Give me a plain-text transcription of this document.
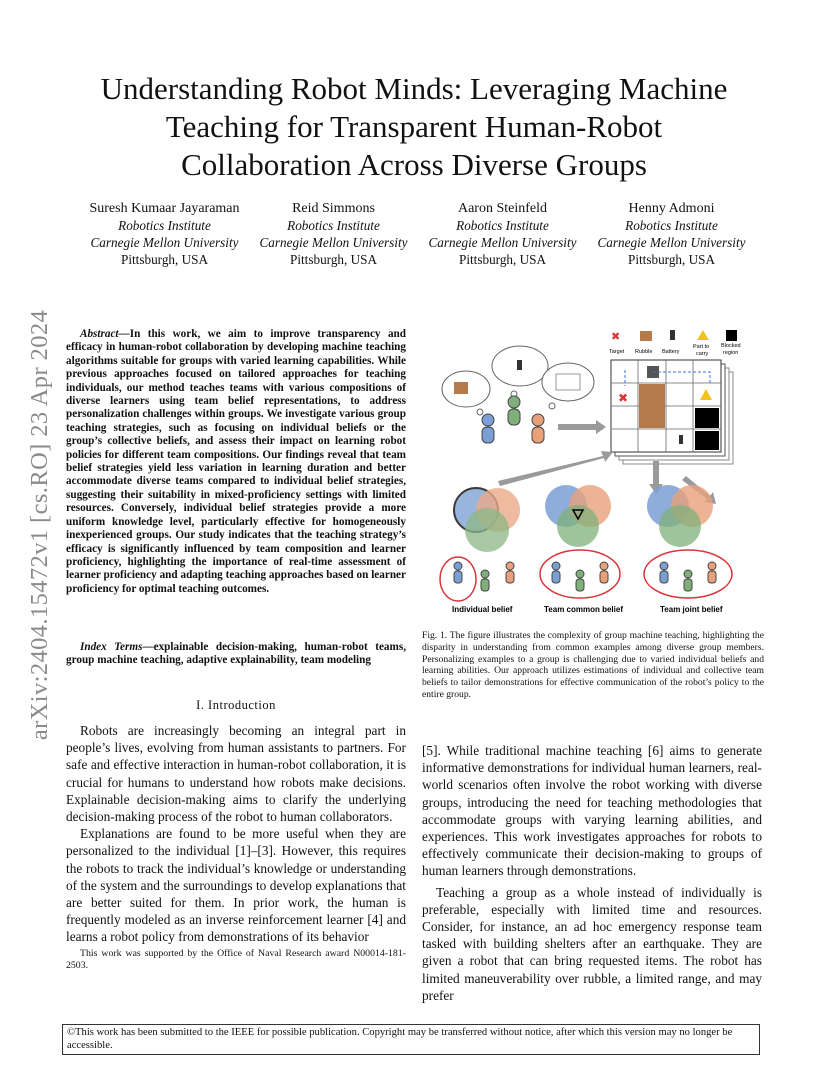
arXiv:2404.15472v1 [cs.RO] 23 Apr 2024
Understanding Robot Minds: Leveraging Machine
Teaching for Transparent Human-Robot
Collaboration Across Diverse Groups
Suresh Kumaar Jayaraman
Robotics Institute
Carnegie Mellon University
Pittsburgh, USA
Reid Simmons
Robotics Institute
Carnegie Mellon University
Pittsburgh, USA
Aaron Steinfeld
Robotics Institute
Carnegie Mellon University
Pittsburgh, USA
Henny Admoni
Robotics Institute
Carnegie Mellon University
Pittsburgh, USA
Abstract—In this work, we aim to improve transparency and efficacy in human-robot collaboration by developing machine teaching algorithms suitable for groups with varied learning capabilities. While previous approaches focused on tailored approaches for teaching individuals, our method teaches teams with various compositions of diverse learners using team belief representations, to address personalization challenges within groups. We investigate various group teaching strategies, such as focusing on individual beliefs or the group’s collective beliefs, and assess their impact on learning robot policies for different team compositions. Our findings reveal that team belief strategies yield less variation in learning duration and better accommodate diverse teams compared to individual belief strategies, suggesting their suitability in mixed-proficiency settings with limited resources. Conversely, individual belief strategies provide a more uniform knowledge level, particularly effective for homogeneously inexperienced groups. Our study indicates that the teaching strategy’s efficacy is significantly influenced by team composition and learner proficiency, highlighting the importance of real-time assessment of learner proficiency and adapting teaching approaches based on learner proficiency for optimal teaching outcomes.
Index Terms—explainable decision-making, human-robot teams, group machine teaching, adaptive explainability, team modeling
I. Introduction

Robots are increasingly becoming an integral part in people’s lives, evolving from human assistants to partners. For safe and effective interaction in human-robot collaboration, it is crucial for humans to understand how robots make decisions. Explainable decision-making aims to clarify the underlying decision-making process of the robot to human collaborators.

Explanations are found to be more useful when they are personalized to the individual [1]–[3]. However, this requires the robots to track the individual’s knowledge or understanding of the system and the surroundings to develop explanations that are better suited for them. In prior work, the human is frequently modeled as an inverse reinforcement learner [4] and learns a robot policy from demonstrations of its behavior

This work was supported by the Office of Naval Research award N00014-181-2503.
✖
Target Rubble Battery
Part to
carry
Blocked
region
✖
Individual belief	Team common belief	Team joint belief
Fig. 1. The figure illustrates the complexity of group machine teaching, highlighting the disparity in understanding from common examples among diverse group members. Personalizing examples to a group is challenging due to varied individual beliefs and learning abilities. Our approach utilizes estimations of individual and collective team beliefs to tailor demonstrations for effective communication of the robot’s policy to the entire group.

[5]. While traditional machine teaching [6] aims to generate informative demonstrations for individual human learners, real-world scenarios often involve the robot working with diverse groups, introducing the need for teaching methodologies that accommodate groups with varying learning abilities, and experiences. This work investigates approaches for robots to effectively communicate their decision-making to groups of human learners through demonstrations.

Teaching a group as a whole instead of individually is preferable, especially with limited time and resources. Consider, for instance, an ad hoc emergency response team tasked with building shelters after an earthquake. They are given a robot that can bring requested items. The robot has limited maneuverability over rubble, a limited range, and may prefer

©This work has been submitted to the IEEE for possible publication. Copyright may be transferred without notice, after which this version may no longer be accessible.
